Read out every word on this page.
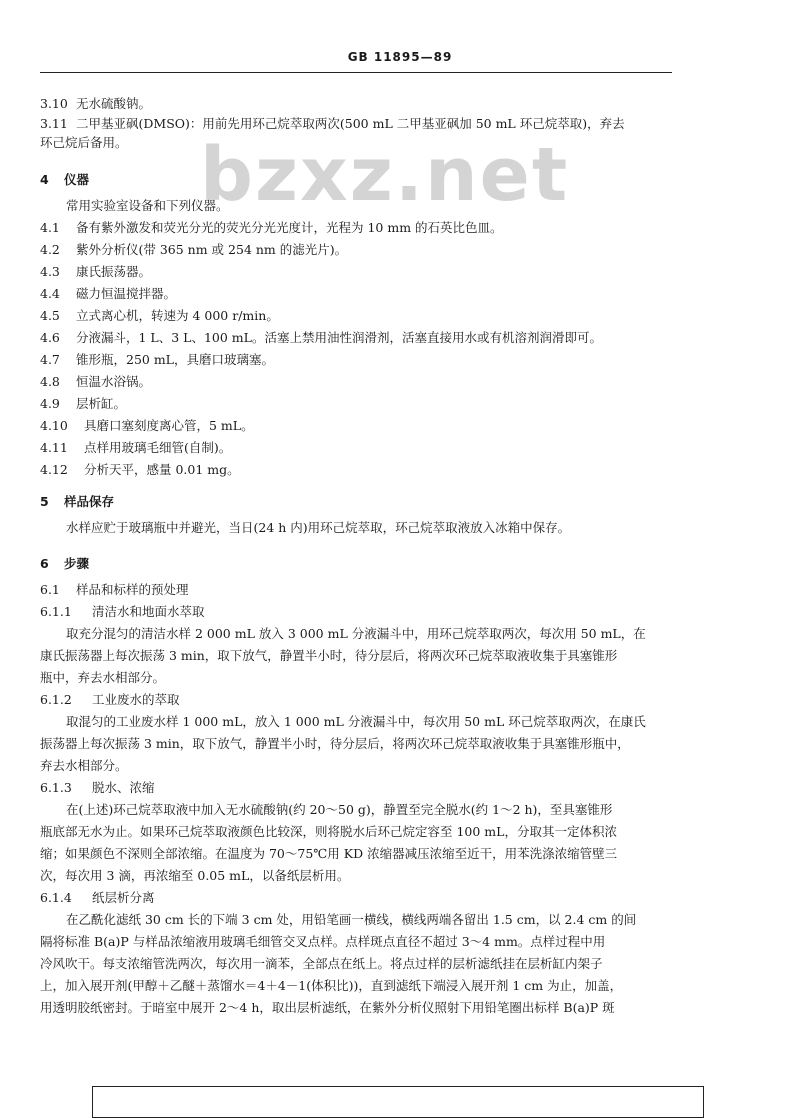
GB 11895—89
bzxz.net
3.10 无水硫酸钠。
3.11 二甲基亚砜(DMSO)：用前先用环己烷萃取两次(500 mL 二甲基亚砜加 50 mL 环己烷萃取)，弃去
环己烷后备用。
4 仪器
常用实验室设备和下列仪器。
4.1 备有紫外激发和荧光分光的荧光分光光度计，光程为 10 mm 的石英比色皿。
4.2 紫外分析仪(带 365 nm 或 254 nm 的滤光片)。
4.3 康氏振荡器。
4.4 磁力恒温搅拌器。
4.5 立式离心机，转速为 4 000 r/min。
4.6 分液漏斗，1 L、3 L、100 mL。活塞上禁用油性润滑剂，活塞直接用水或有机溶剂润滑即可。
4.7 锥形瓶，250 mL，具磨口玻璃塞。
4.8 恒温水浴锅。
4.9 层析缸。
4.10 具磨口塞刻度离心管，5 mL。
4.11 点样用玻璃毛细管(自制)。
4.12 分析天平，感量 0.01 mg。
5 样品保存
水样应贮于玻璃瓶中并避光，当日(24 h 内)用环己烷萃取，环己烷萃取液放入冰箱中保存。
6 步骤
6.1 样品和标样的预处理
6.1.1 清洁水和地面水萃取
取充分混匀的清洁水样 2 000 mL 放入 3 000 mL 分液漏斗中，用环己烷萃取两次，每次用 50 mL，在
康氏振荡器上每次振荡 3 min，取下放气，静置半小时，待分层后，将两次环己烷萃取液收集于具塞锥形
瓶中，弃去水相部分。
6.1.2 工业废水的萃取
取混匀的工业废水样 1 000 mL，放入 1 000 mL 分液漏斗中，每次用 50 mL 环己烷萃取两次，在康氏
振荡器上每次振荡 3 min，取下放气，静置半小时，待分层后，将两次环己烷萃取液收集于具塞锥形瓶中，
弃去水相部分。
6.1.3 脱水、浓缩
在(上述)环己烷萃取液中加入无水硫酸钠(约 20～50 g)，静置至完全脱水(约 1～2 h)，至具塞锥形
瓶底部无水为止。如果环己烷萃取液颜色比较深，则将脱水后环己烷定容至 100 mL，分取其一定体积浓
缩；如果颜色不深则全部浓缩。在温度为 70～75℃用 KD 浓缩器减压浓缩至近干，用苯洗涤浓缩管壁三
次，每次用 3 滴，再浓缩至 0.05 mL，以备纸层析用。
6.1.4 纸层析分离
在乙酰化滤纸 30 cm 长的下端 3 cm 处，用铅笔画一横线，横线两端各留出 1.5 cm，以 2.4 cm 的间
隔将标准 B(a)P 与样品浓缩液用玻璃毛细管交叉点样。点样斑点直径不超过 3～4 mm。点样过程中用
冷风吹干。每支浓缩管洗两次，每次用一滴苯，全部点在纸上。将点过样的层析滤纸挂在层析缸内架子
上，加入展开剂(甲醇＋乙醚＋蒸馏水＝4＋4－1(体积比))，直到滤纸下端浸入展开剂 1 cm 为止，加盖，
用透明胶纸密封。于暗室中展开 2～4 h，取出层析滤纸，在紫外分析仪照射下用铅笔圈出标样 B(a)P 斑
